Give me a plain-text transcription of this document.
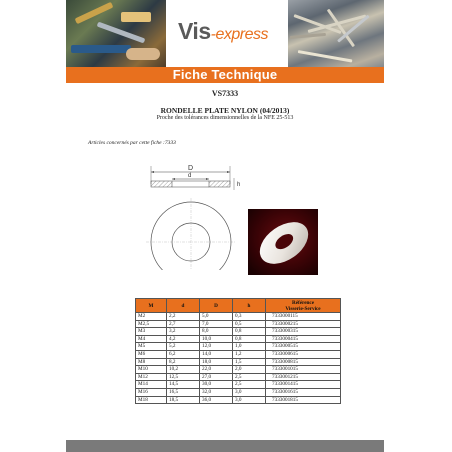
Vis-express
Fiche Technique
VS7333
RONDELLE PLATE NYLON (04/2013)
Proche des tolérances dimensionnelles de la NFE 25-513
Articles concernés par cette fiche :7333
D
d
h
M	d	D	h	Référence
Visserie-Service

M2	2,2	5,0	0,3	7333000115
M2,5	2,7	7,0	0,5	7333000215
M3	3,2	8,0	0,8	7333000315
M4	4,2	10,0	0,8	7333000415
M5	5,2	12,0	1,0	7333000515
M6	6,2	14,0	1,2	7333000615
M8	8,2	18,0	1,5	7333000815
M10	10,2	22,0	2,0	7333001015
M12	12,5	27,0	2,5	7333001215
M14	14,5	30,0	2,5	7333001415
M16	16,5	32,0	3,0	7333001615
M18	18,5	36,0	3,0	7333001815
